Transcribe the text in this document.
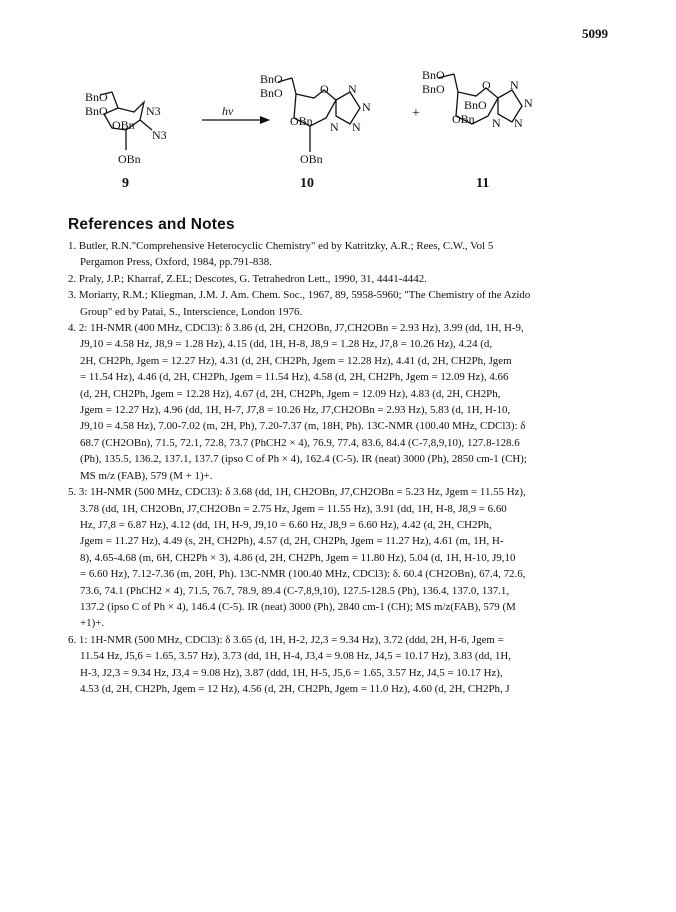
5099
BnO
BnO
OBn
N3
N3
OBn
9
hv
BnO
BnO	O
OBn
OBn
N
N
N
N
10
+
BnO
BnO	O
BnO
OBn
N
N
N
N
11
References and Notes
1. Butler, R.N."Comprehensive Heterocyclic Chemistry" ed by Katritzky, A.R.; Rees, C.W., Vol 5
Pergamon Press, Oxford, 1984, pp.791-838.
2. Praly, J.P.; Kharraf, Z.EL; Descotes, G. Tetrahedron Lett., 1990, 31, 4441-4442.
3. Moriarty, R.M.; Kliegman, J.M. J. Am. Chem. Soc., 1967, 89, 5958-5960; "The Chemistry of the Azido
Group" ed by Patai, S., Interscience, London 1976.
4. 2: 1H-NMR (400 MHz, CDCl3): δ 3.86 (d, 2H, CH2OBn, J7,CH2OBn = 2.93 Hz), 3.99 (dd, 1H, H-9,
J9,10 = 4.58 Hz, J8,9 = 1.28 Hz), 4.15 (dd, 1H, H-8, J8,9 = 1.28 Hz, J7,8 = 10.26 Hz), 4.24 (d,
2H, CH2Ph, Jgem = 12.27 Hz), 4.31 (d, 2H, CH2Ph, Jgem = 12.28 Hz), 4.41 (d, 2H, CH2Ph, Jgem
= 11.54 Hz), 4.46 (d, 2H, CH2Ph, Jgem = 11.54 Hz), 4.58 (d, 2H, CH2Ph, Jgem = 12.09 Hz), 4.66
(d, 2H, CH2Ph, Jgem = 12.28 Hz), 4.67 (d, 2H, CH2Ph, Jgem = 12.09 Hz), 4.83 (d, 2H, CH2Ph,
Jgem = 12.27 Hz), 4.96 (dd, 1H, H-7, J7,8 = 10.26 Hz, J7,CH2OBn = 2.93 Hz), 5.83 (d, 1H, H-10,
J9,10 = 4.58 Hz), 7.00-7.02 (m, 2H, Ph), 7.20-7.37 (m, 18H, Ph). 13C-NMR (100.40 MHz, CDCl3): δ
68.7 (CH2OBn), 71.5, 72.1, 72.8, 73.7 (PhCH2 × 4), 76.9, 77.4, 83.6, 84.4 (C-7,8,9,10), 127.8-128.6
(Ph), 135.5, 136.2, 137.1, 137.7 (ipso C of Ph × 4), 162.4 (C-5). IR (neat) 3000 (Ph), 2850 cm-1 (CH);
MS m/z (FAB), 579 (M + 1)+.
5. 3: 1H-NMR (500 MHz, CDCl3): δ 3.68 (dd, 1H, CH2OBn, J7,CH2OBn = 5.23 Hz, Jgem = 11.55 Hz),
3.78 (dd, 1H, CH2OBn, J7,CH2OBn = 2.75 Hz, Jgem = 11.55 Hz), 3.91 (dd, 1H, H-8, J8,9 = 6.60
Hz, J7,8 = 6.87 Hz), 4.12 (dd, 1H, H-9, J9,10 = 6.60 Hz, J8,9 = 6.60 Hz), 4.42 (d, 2H, CH2Ph,
Jgem = 11.27 Hz), 4.49 (s, 2H, CH2Ph), 4.57 (d, 2H, CH2Ph, Jgem = 11.27 Hz), 4.61 (m, 1H, H-
8), 4.65-4.68 (m, 6H, CH2Ph × 3), 4.86 (d, 2H, CH2Ph, Jgem = 11.80 Hz), 5.04 (d, 1H, H-10, J9,10
= 6.60 Hz), 7.12-7.36 (m, 20H, Ph). 13C-NMR (100.40 MHz, CDCl3): δ. 60.4 (CH2OBn), 67.4, 72.6,
73.6, 74.1 (PhCH2 × 4), 71.5, 76.7, 78.9, 89.4 (C-7,8,9,10), 127.5-128.5 (Ph), 136.4, 137.0, 137.1,
137.2 (ipso C of Ph × 4), 146.4 (C-5). IR (neat) 3000 (Ph), 2840 cm-1 (CH); MS m/z(FAB), 579 (M
+1)+.
6. 1: 1H-NMR (500 MHz, CDCl3): δ 3.65 (d, 1H, H-2, J2,3 = 9.34 Hz), 3.72 (ddd, 2H, H-6, Jgem =
11.54 Hz, J5,6 = 1.65, 3.57 Hz), 3.73 (dd, 1H, H-4, J3,4 = 9.08 Hz, J4,5 = 10.17 Hz), 3.83 (dd, 1H,
H-3, J2,3 = 9.34 Hz, J3,4 = 9.08 Hz), 3.87 (ddd, 1H, H-5, J5,6 = 1.65, 3.57 Hz, J4,5 = 10.17 Hz),
4.53 (d, 2H, CH2Ph, Jgem = 12 Hz), 4.56 (d, 2H, CH2Ph, Jgem = 11.0 Hz), 4.60 (d, 2H, CH2Ph, J
